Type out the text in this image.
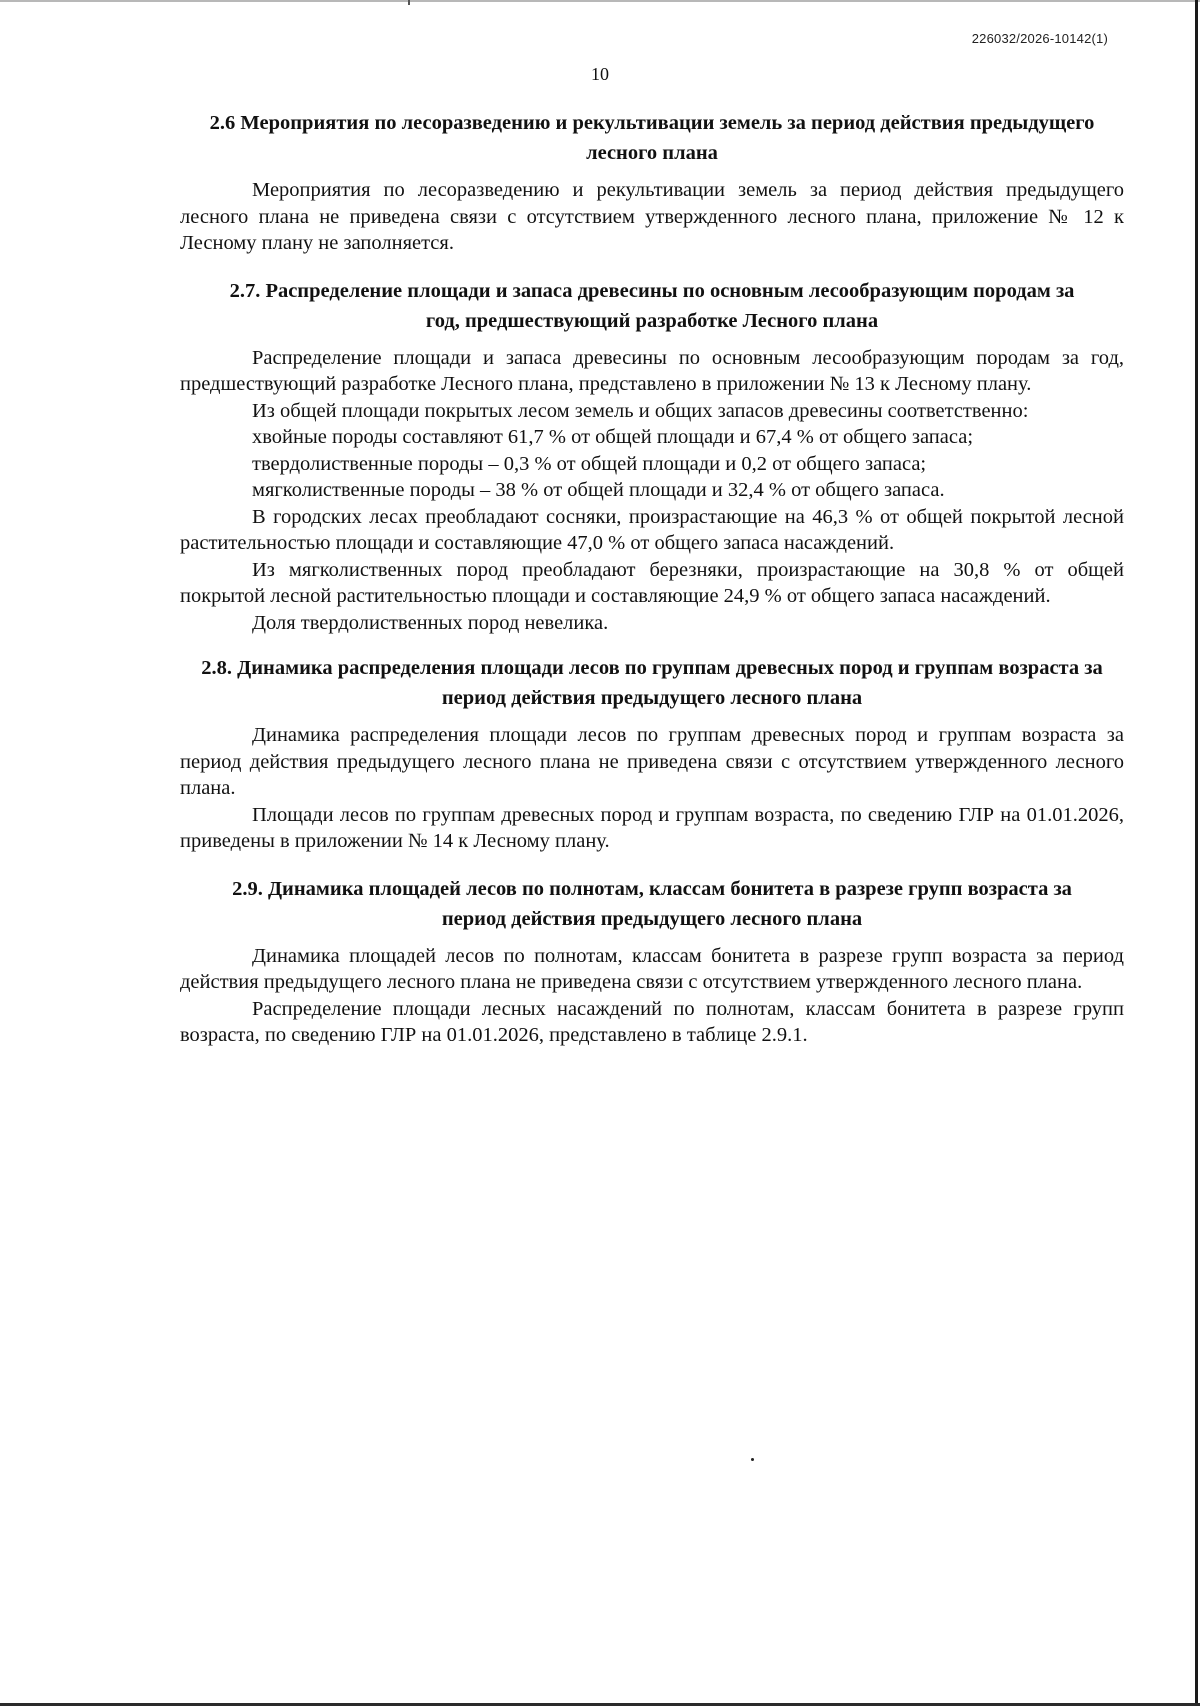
226032/2026-10142(1)
10
2.6 Мероприятия по лесоразведению и рекультивации земель за период действия предыдущего лесного плана

Мероприятия по лесоразведению и рекультивации земель за период действия предыдущего лесного плана не приведена связи с отсутствием утвержденного лесного плана, приложение № 12 к Лесному плану не заполняется.

2.7. Распределение площади и запаса древесины по основным лесообразующим породам за год, предшествующий разработке Лесного плана

Распределение площади и запаса древесины по основным лесообразующим породам за год, предшествующий разработке Лесного плана, представлено в приложении № 13 к Лесному плану.

Из общей площади покрытых лесом земель и общих запасов древесины соответственно:

хвойные породы составляют 61,7 % от общей площади и 67,4 % от общего запаса;

твердолиственные породы – 0,3 % от общей площади и 0,2 от общего запаса;

мягколиственные породы – 38 % от общей площади и 32,4 % от общего запаса.

В городских лесах преобладают сосняки, произрастающие на 46,3 % от общей покрытой лесной растительностью площади и составляющие 47,0 % от общего запаса насаждений.

Из мягколиственных пород преобладают березняки, произрастающие на 30,8 % от общей покрытой лесной растительностью площади и составляющие 24,9 % от общего запаса насаждений.

Доля твердолиственных пород невелика.

2.8. Динамика распределения площади лесов по группам древесных пород и группам возраста за период действия предыдущего лесного плана

Динамика распределения площади лесов по группам древесных пород и группам возраста за период действия предыдущего лесного плана не приведена связи с отсутствием утвержденного лесного плана.

Площади лесов по группам древесных пород и группам возраста, по сведению ГЛР на 01.01.2026, приведены в приложении № 14 к Лесному плану.

2.9. Динамика площадей лесов по полнотам, классам бонитета в разрезе групп возраста за период действия предыдущего лесного плана

Динамика площадей лесов по полнотам, классам бонитета в разрезе групп возраста за период действия предыдущего лесного плана не приведена связи с отсутствием утвержденного лесного плана.

Распределение площади лесных насаждений по полнотам, классам бонитета в разрезе групп возраста, по сведению ГЛР на 01.01.2026, представлено в таблице 2.9.1.
